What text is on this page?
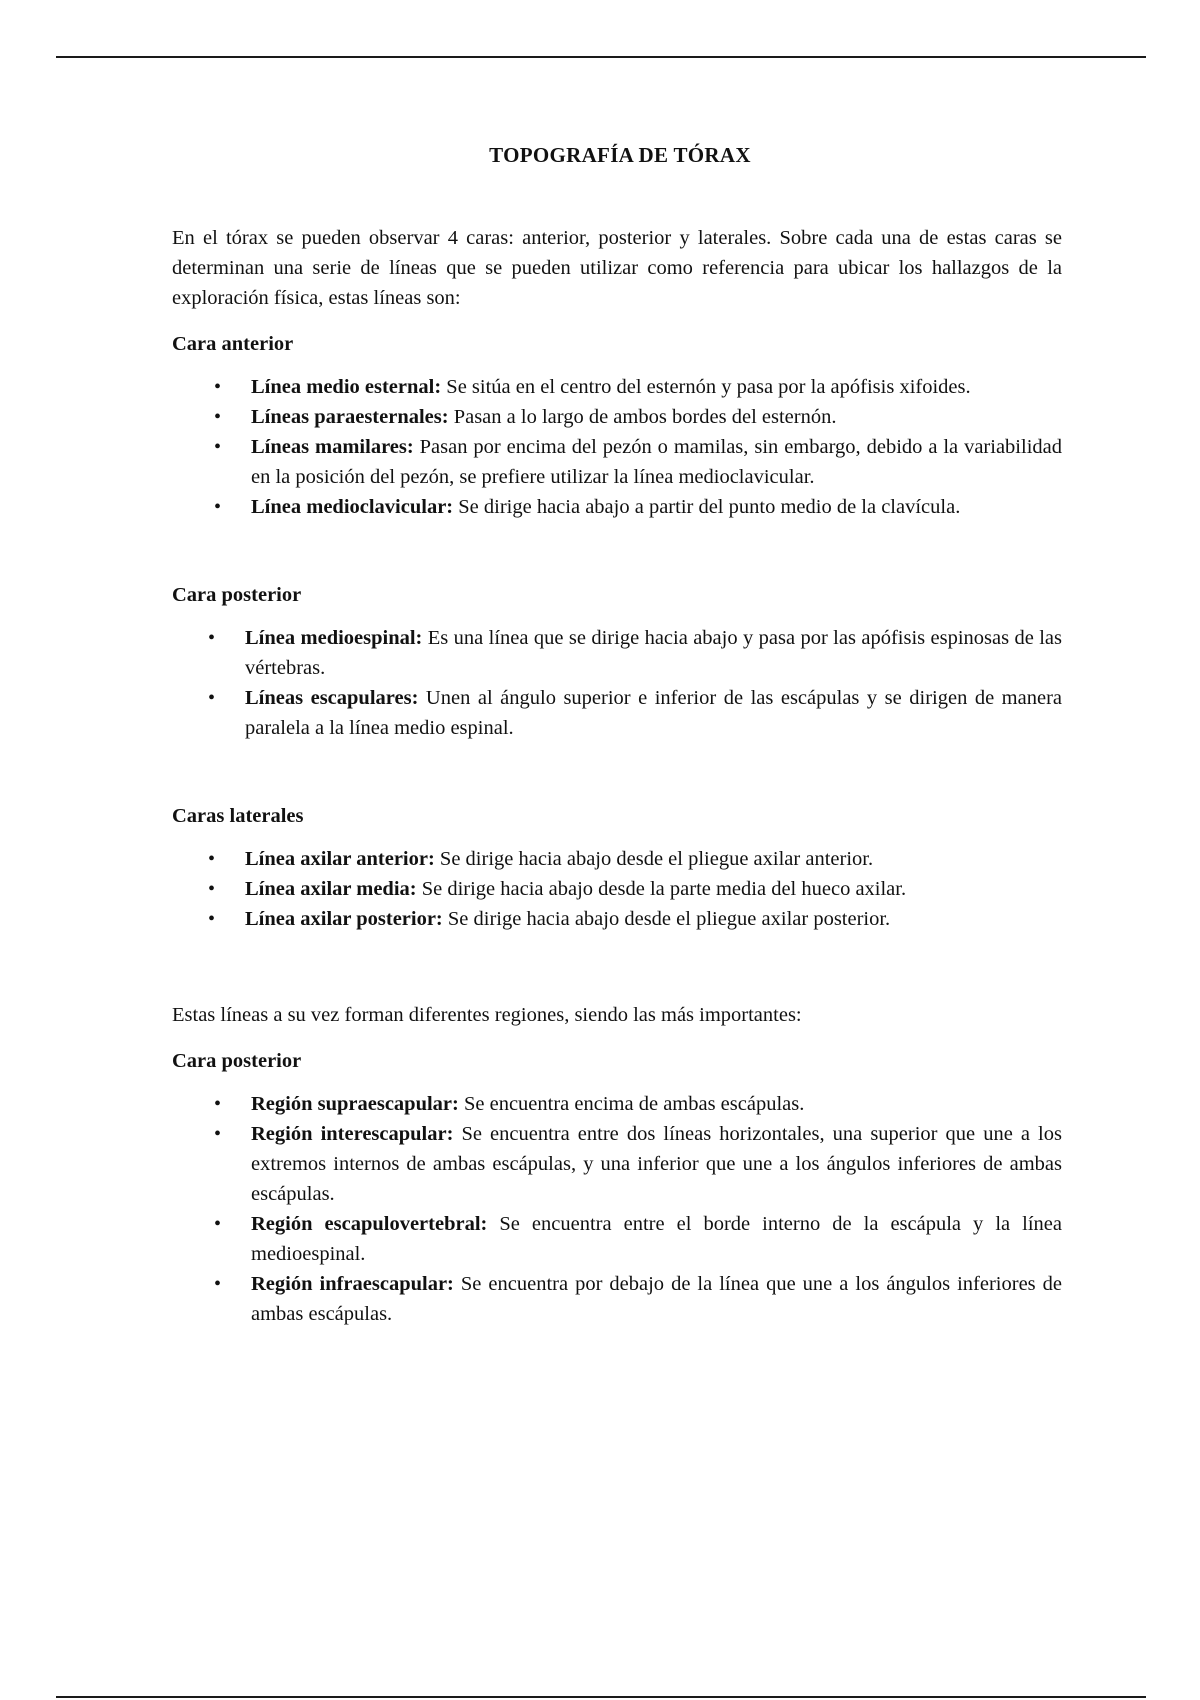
TOPOGRAFÍA DE TÓRAX

En el tórax se pueden observar 4 caras: anterior, posterior y laterales. Sobre cada una de estas caras se determinan una serie de líneas que se pueden utilizar como referencia para ubicar los hallazgos de la exploración física, estas líneas son:

Cara anterior
• Línea medio esternal: Se sitúa en el centro del esternón y pasa por la apófisis xifoides.
• Líneas paraesternales: Pasan a lo largo de ambos bordes del esternón.
• Líneas mamilares: Pasan por encima del pezón o mamilas, sin embargo, debido a la variabilidad en la posición del pezón, se prefiere utilizar la línea medioclavicular.
• Línea medioclavicular: Se dirige hacia abajo a partir del punto medio de la clavícula.
Cara posterior
• Línea medioespinal: Es una línea que se dirige hacia abajo y pasa por las apófisis espinosas de las vértebras.
• Líneas escapulares: Unen al ángulo superior e inferior de las escápulas y se dirigen de manera paralela a la línea medio espinal.
Caras laterales
• Línea axilar anterior: Se dirige hacia abajo desde el pliegue axilar anterior.
• Línea axilar media: Se dirige hacia abajo desde la parte media del hueco axilar.
• Línea axilar posterior: Se dirige hacia abajo desde el pliegue axilar posterior.

Estas líneas a su vez forman diferentes regiones, siendo las más importantes:

Cara posterior
• Región supraescapular: Se encuentra encima de ambas escápulas.
• Región interescapular: Se encuentra entre dos líneas horizontales, una superior que une a los extremos internos de ambas escápulas, y una inferior que une a los ángulos inferiores de ambas escápulas.
• Región escapulovertebral: Se encuentra entre el borde interno de la escápula y la línea medioespinal.
• Región infraescapular: Se encuentra por debajo de la línea que une a los ángulos inferiores de ambas escápulas.
